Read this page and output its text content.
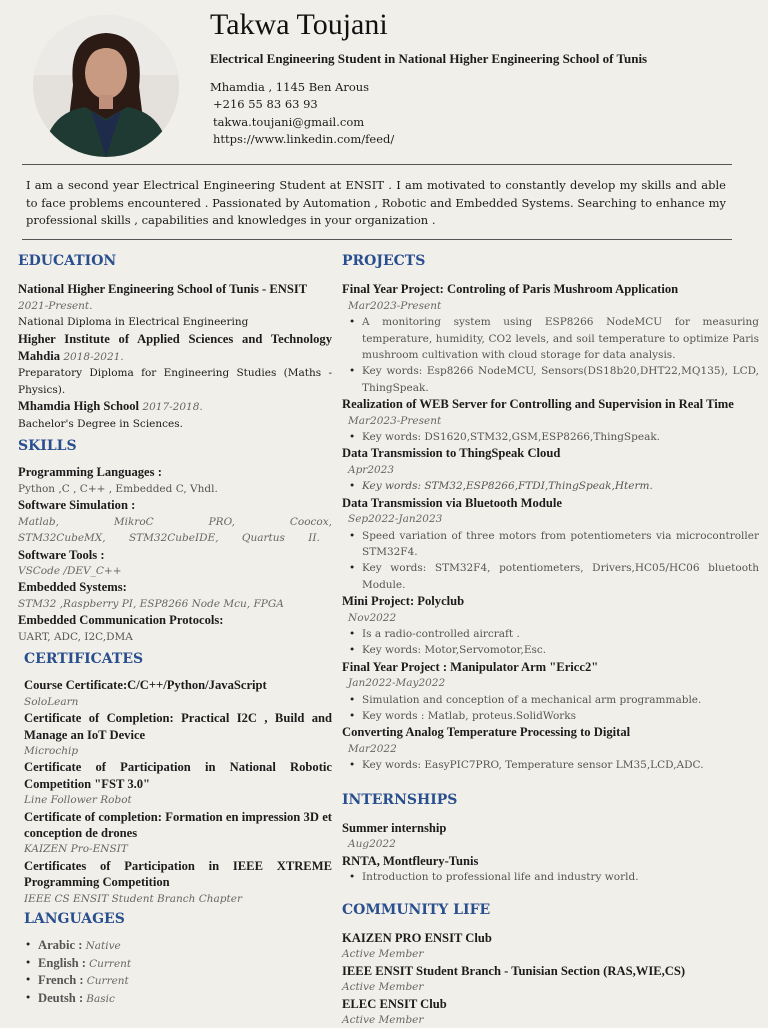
Takwa Toujani
Electrical Engineering Student in National Higher Engineering School of Tunis
Mhamdia , 1145 Ben Arous
+216 55 83 63 93
takwa.toujani@gmail.com
https://www.linkedin.com/feed/
I am a second year Electrical Engineering Student at ENSIT . I am motivated to constantly develop my skills and able to face problems encountered . Passionated by Automation , Robotic and Embedded Systems. Searching to enhance my professional skills , capabilities and knowledges in your organization .
EDUCATION
National Higher Engineering School of Tunis - ENSIT
2021-Present.
National Diploma in Electrical Engineering
Higher Institute of Applied Sciences and Technology Mahdia 2018-2021.
Preparatory Diploma for Engineering Studies (Maths - Physics).
Mhamdia High School 2017-2018.
Bachelor's Degree in Sciences.
SKILLS
Programming Languages :
Python ,C , C++ , Embedded C, Vhdl.
Software Simulation :
Matlab, MikroC PRO, Coocox, STM32CubeMX, STM32CubeIDE, Quartus II.
Software Tools :
VSCode /DEV_C++
Embedded Systems:
STM32 ,Raspberry PI, ESP8266 Node Mcu, FPGA
Embedded Communication Protocols:
UART, ADC, I2C,DMA
CERTIFICATES
Course Certificate:C/C++/Python/JavaScript
SoloLearn
Certificate of Completion: Practical I2C , Build and Manage an IoT Device
Microchip
Certificate of Participation in National Robotic Competition "FST 3.0"
Line Follower Robot
Certificate of completion: Formation en impression 3D et conception de drones
KAIZEN Pro-ENSIT
Certificates of Participation in IEEE XTREME Programming Competition
IEEE CS ENSIT Student Branch Chapter
LANGUAGES
• Arabic : Native
• English : Current
• French : Current
• Deutsh : Basic
PROJECTS
Final Year Project: Controling of Paris Mushroom Application
Mar2023-Present
• A monitoring system using ESP8266 NodeMCU for measuring temperature, humidity, CO2 levels, and soil temperature to optimize Paris mushroom cultivation with cloud storage for data analysis.
• Key words: Esp8266 NodeMCU, Sensors(DS18b20,DHT22,MQ135), LCD, ThingSpeak.
Realization of WEB Server for Controlling and Supervision in Real Time
Mar2023-Present
• Key words: DS1620,STM32,GSM,ESP8266,ThingSpeak.
Data Transmission to ThingSpeak Cloud
Apr2023
• Key words: STM32,ESP8266,FTDI,ThingSpeak,Hterm.
Data Transmission via Bluetooth Module
Sep2022-Jan2023
• Speed variation of three motors from potentiometers via microcontroller STM32F4.
• Key words: STM32F4, potentiometers, Drivers,HC05/HC06 bluetooth Module.
Mini Project: Polyclub
Nov2022
• Is a radio-controlled aircraft .
• Key words: Motor,Servomotor,Esc.
Final Year Project : Manipulator Arm "Ericc2"
Jan2022-May2022
• Simulation and conception of a mechanical arm programmable.
• Key words : Matlab, proteus.SolidWorks
Converting Analog Temperature Processing to Digital
Mar2022
• Key words: EasyPIC7PRO, Temperature sensor LM35,LCD,ADC.
INTERNSHIPS
Summer internship
Aug2022
RNTA, Montfleury-Tunis
• Introduction to professional life and industry world.
COMMUNITY LIFE
KAIZEN PRO ENSIT Club
Active Member
IEEE ENSIT Student Branch - Tunisian Section (RAS,WIE,CS)
Active Member
ELEC ENSIT Club
Active Member
